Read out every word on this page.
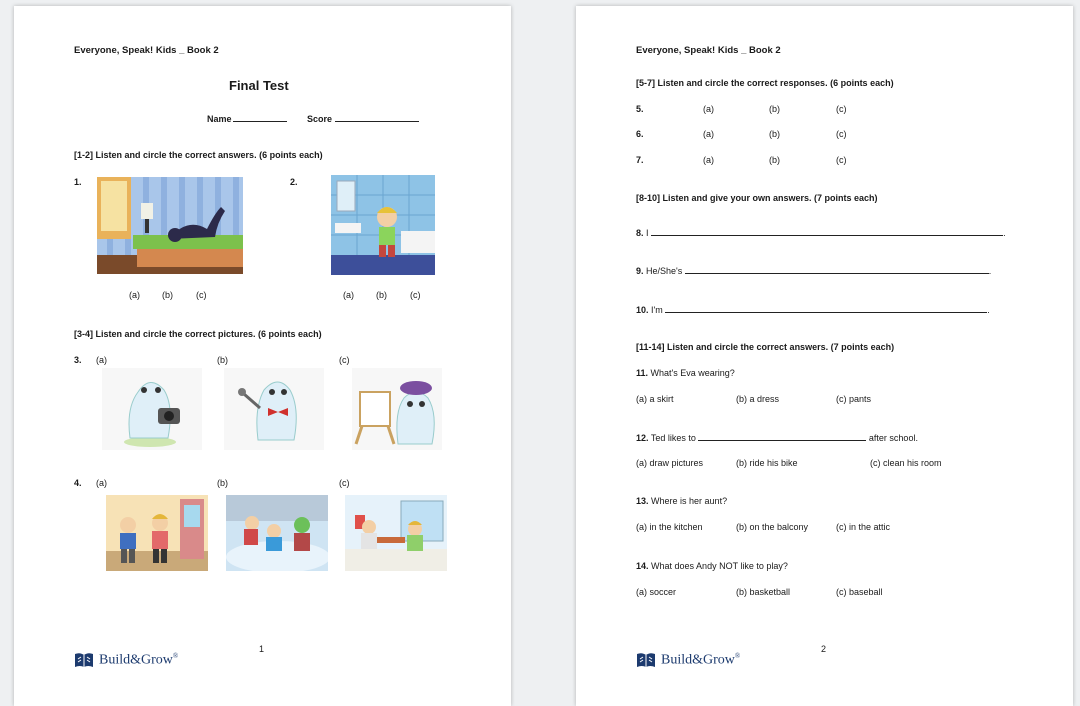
Everyone, Speak! Kids _ Book 2
Final Test
Name	Score
[1-2] Listen and circle the correct answers. (6 points each)
1.
(a) (b)	(c)
2.
(a) (b)	(c)
[3-4] Listen and circle the correct pictures. (6 points each)
3. (a)	(b)	(c)
4. (a)	(b)	(c)
1
Build&Grow®
Everyone, Speak! Kids _ Book 2
[5-7] Listen and circle the correct responses. (6 points each)
5.	(a)	(b)	(c)
6.	(a)	(b)	(c)
7.	(a)	(b)	(c)
[8-10] Listen and give your own answers. (7 points each)
8. I	.
9. He/She's	.
10. I'm	.
[11-14] Listen and circle the correct answers. (7 points each)
11. What's Eva wearing?
(a) a skirt	(b) a dress	(c) pants
12. Ted likes to	after school.
(a) draw pictures	(b) ride his bike	(c) clean his room
13. Where is her aunt?
(a) in the kitchen	(b) on the balcony	(c) in the attic
14. What does Andy NOT like to play?
(a) soccer	(b) basketball	(c) baseball
2
Build&Grow®
